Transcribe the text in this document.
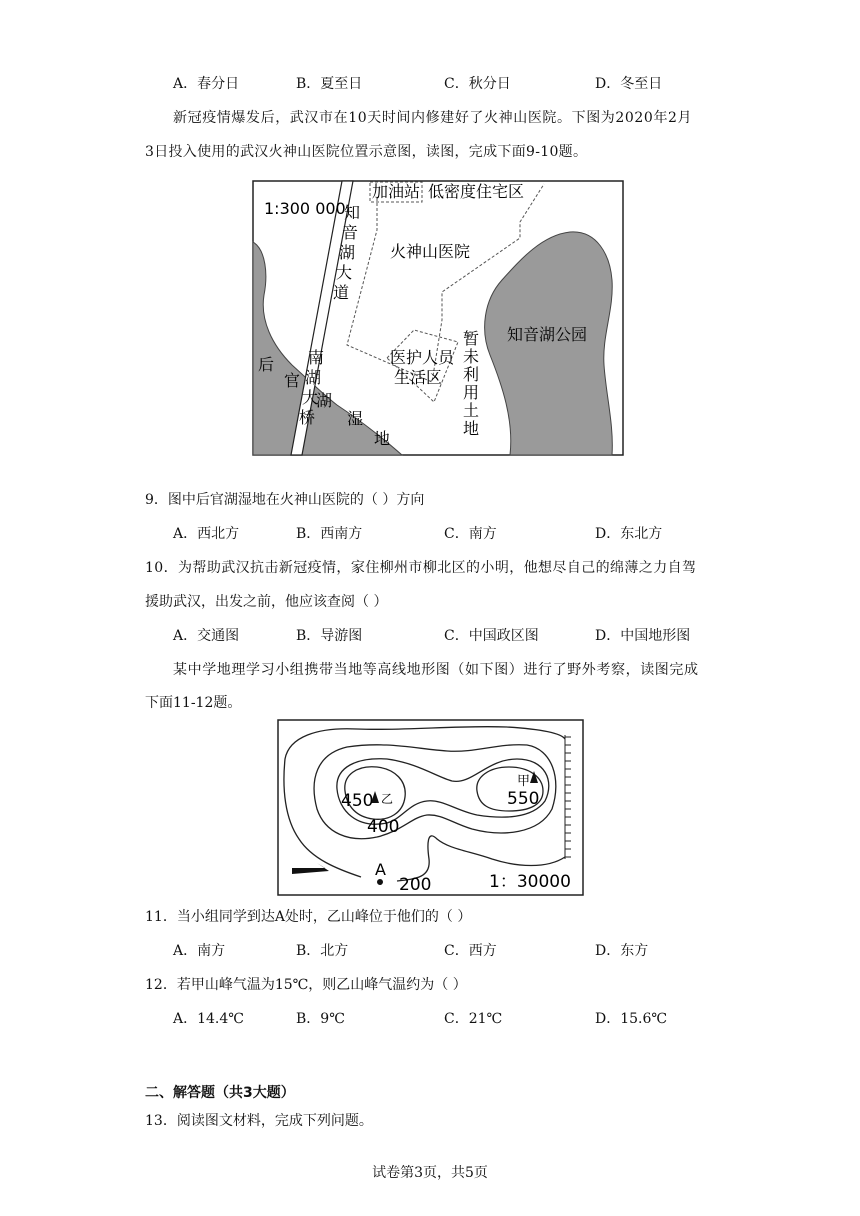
A．春分日	B．夏至日	C．秋分日	D．冬至日
新冠疫情爆发后，武汉市在10天时间内修建好了火神山医院。下图为2020年2月
3日投入使用的武汉火神山医院位置示意图，读图，完成下面9-10题。
1:300 000
加油站 低密度住宅区
火神山医院
知音湖公园
医护人员
生活区 暂未利用土地
知
音
湖
大
道
南
湖
大
桥
后
官
湖
湿
地
9．图中后官湖湿地在火神山医院的（ ）方向
A．西北方	B．西南方	C．南方	D．东北方
10．为帮助武汉抗击新冠疫情，家住柳州市柳北区的小明，他想尽自己的绵薄之力自驾
援助武汉，出发之前，他应该查阅（ ）
A．交通图	B．导游图	C．中国政区图	D．中国地形图
某中学地理学习小组携带当地等高线地形图（如下图）进行了野外考察，读图完成
下面11-12题。
甲
乙	550
450
400
200
A
1：30000
11．当小组同学到达A处时，乙山峰位于他们的（ ）
A．南方	B．北方	C．西方	D．东方
12．若甲山峰气温为15℃，则乙山峰气温约为（ ）
A．14.4℃	B．9℃	C．21℃	D．15.6℃
二、解答题（共3大题）
13．阅读图文材料，完成下列问题。
试卷第3页，共5页
